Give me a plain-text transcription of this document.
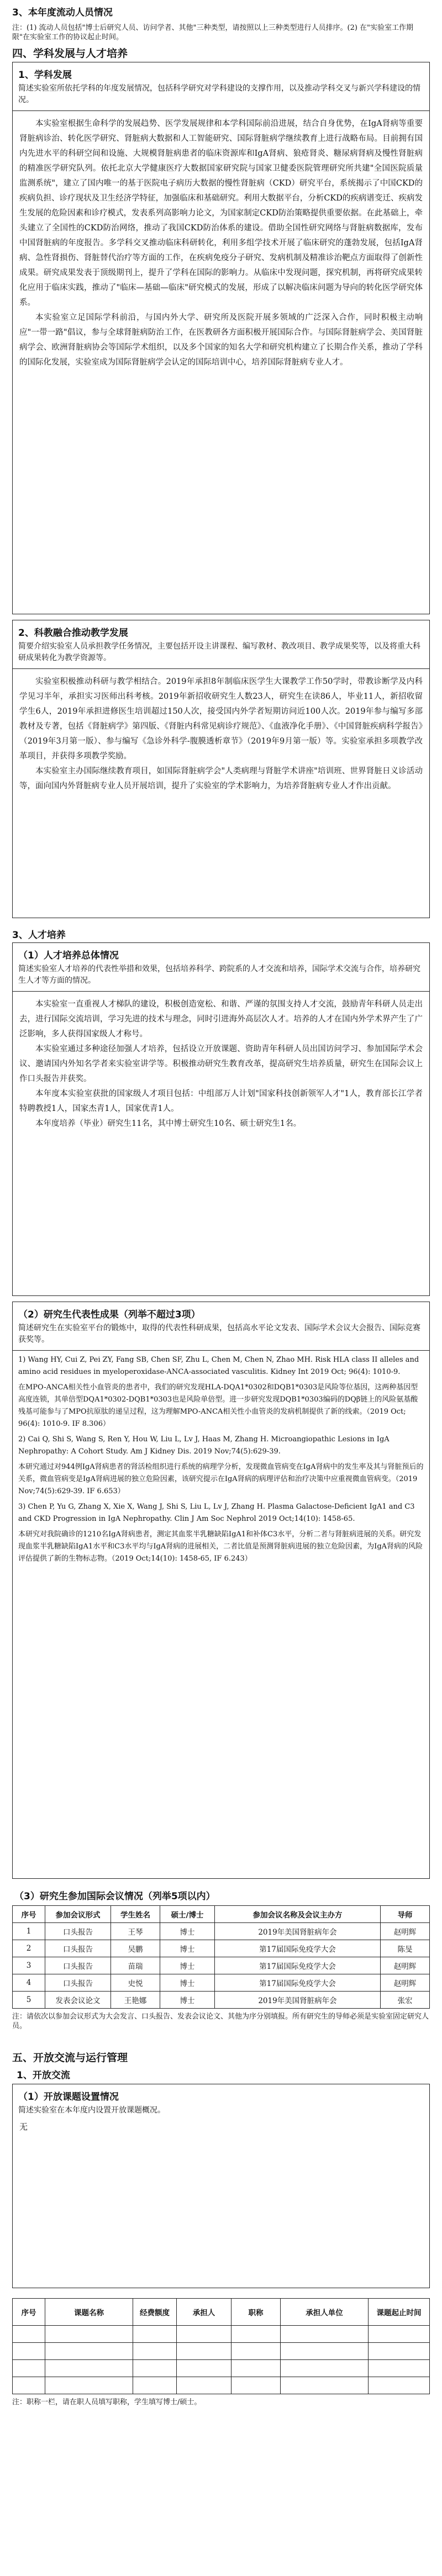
3、本年度流动人员情况
注：(1) 流动人员包括"博士后研究人员、访问学者、其他"三种类型，请按照以上三种类型进行人员排序。(2) 在"实验室工作期限"在实验室工作的协议起止时间。
四、学科发展与人才培养
1、学科发展
简述实验室所依托学科的年度发展情况，包括科学研究对学科建设的支撑作用，以及推动学科交叉与新兴学科建设的情况。

本实验室根据生命科学的发展趋势、医学发展规律和本学科国际前沿进展，结合自身优势，在IgA肾病等重要肾脏病诊治、转化医学研究、肾脏病大数据和人工智能研究、国际肾脏病学继续教育上进行战略布局。目前拥有国内先进水平的科研空间和设施、大规模肾脏病患者的临床资源库和IgA肾病、狼疮肾炎、糖尿病肾病及慢性肾脏病的精准医学研究队列。依托北京大学健康医疗大数据国家研究院与国家卫健委医院管理研究所共建"全国医院质量监测系统"，建立了国内唯一的基于医院电子病历大数据的慢性肾脏病（CKD）研究平台，系统揭示了中国CKD的疾病负担、诊疗现状及卫生经济学特征，加强临床和基础研究。利用大数据平台，分析CKD的疾病谱变迁、疾病发生发展的危险因素和诊疗模式，发表系列高影响力论文，为国家制定CKD防治策略提供重要依据。在此基础上，牵头建立了全国性的CKD防治网络，推动了我国CKD防治体系的建设。借助全国性研究网络与肾脏病数据库，发布中国肾脏病的年度报告。多学科交叉推动临床科研转化，利用多组学技术开展了临床研究的蓬勃发展，包括IgA肾病、急性肾损伤、肾脏替代治疗等方面的工作，在疾病免疫分子研究、发病机制及精准诊治靶点方面取得了创新性成果。研究成果发表于顶级期刊上，提升了学科在国际的影响力。从临床中发现问题，探究机制，再将研究成果转化应用于临床实践，推动了"临床—基础—临床"研究模式的发展，形成了以解决临床问题为导向的转化医学研究体系。

本实验室立足国际学科前沿，与国内外大学、研究所及医院开展多领域的广泛深入合作，同时积极主动响应"一带一路"倡议，参与全球肾脏病防治工作，在医教研各方面积极开展国际合作。与国际肾脏病学会、美国肾脏病学会、欧洲肾脏病协会等国际学术组织，以及多个国家的知名大学和研究机构建立了长期合作关系，推动了学科的国际化发展，实验室成为国际肾脏病学会认定的国际培训中心，培养国际肾脏病专业人才。

2、科教融合推动教学发展
简要介绍实验室人员承担教学任务情况，主要包括开设主讲课程、编写教材、教改项目、教学成果奖等，以及将重大科研成果转化为教学资源等。

实验室积极推动科研与教学相结合。2019年承担8年制临床医学生大课教学工作50学时，带教诊断学及内科学见习半年，承担实习医师出科考核。2019年新招收研究生人数23人，研究生在读86人，毕业11人，新招收留学生6人，2019年承担进修医生培训超过150人次，接受国内外学者短期访问近100人次。2019年参与编写多部教材及专著，包括《肾脏病学》第四版、《肾脏内科常见病诊疗规范》、《血液净化手册》、《中国肾脏疾病科学报告》（2019年3月第一版）、参与编写《急诊外科学-腹膜透析章节》（2019年9月第一版）等。实验室承担多项教学改革项目，并获得多项教学奖励。

本实验室主办国际继续教育项目，如国际肾脏病学会"人类病理与肾脏学术讲座"培训班、世界肾脏日义诊活动等，面向国内外肾脏病专业人员开展培训，提升了实验室的学术影响力，为培养肾脏病专业人才作出贡献。

3、人才培养
（1）人才培养总体情况
简述实验室人才培养的代表性举措和效果，包括培养科学、跨院系的人才交流和培养，国际学术交流与合作，培养研究生人才等方面的情况。

本实验室一直重视人才梯队的建设，积极创造宽松、和谐、严谨的氛围支持人才交流，鼓励青年科研人员走出去，进行国际交流培训，学习先进的技术与理念，同时引进海外高层次人才。培养的人才在国内外学术界产生了广泛影响，多人获得国家级人才称号。

本实验室通过多种途径加强人才培养，包括设立开放课题、资助青年科研人员出国访问学习、参加国际学术会议、邀请国内外知名学者来实验室讲学等。积极推动研究生教育改革，提高研究生培养质量，研究生在国际会议上作口头报告并获奖。

本年度本实验室获批的国家级人才项目包括：中组部万人计划"国家科技创新领军人才"1人，教育部长江学者特聘教授1人，国家杰青1人，国家优青1人。

本年度培养（毕业）研究生11名，其中博士研究生10名、硕士研究生1名。

（2）研究生代表性成果（列举不超过3项）
简述研究生在实验室平台的锻炼中，取得的代表性科研成果，包括高水平论文发表、国际学术会议大会报告、国际竞赛获奖等。

1) Wang HY, Cui Z, Pei ZY, Fang SB, Chen SF, Zhu L, Chen M, Chen N, Zhao MH. Risk HLA class II alleles and amino acid residues in myeloperoxidase-ANCA-associated vasculitis. Kidney Int 2019 Oct; 96(4): 1010-9.

在MPO-ANCA相关性小血管炎的患者中，我们的研究发现HLA-DQA1*0302和DQB1*0303是风险等位基因，这两种基因型高度连锁，其单倍型DQA1*0302-DQB1*0303也是风险单倍型。进一步研究发现DQB1*0303编码的DQβ链上的风险氨基酸残基可能参与了MPO抗原肽的递呈过程，这为理解MPO-ANCA相关性小血管炎的发病机制提供了新的线索。（2019 Oct; 96(4): 1010-9. IF 8.306）

2) Cai Q, Shi S, Wang S, Ren Y, Hou W, Liu L, Lv J, Haas M, Zhang H. Microangiopathic Lesions in IgA Nephropathy: A Cohort Study. Am J Kidney Dis. 2019 Nov;74(5):629-39.

本研究通过对944例IgA肾病患者的肾活检组织进行系统的病理学分析，发现微血管病变在IgA肾病中的发生率及其与肾脏预后的关系，微血管病变是IgA肾病进展的独立危险因素，该研究提示在IgA肾病的病理评估和治疗决策中应重视微血管病变。（2019 Nov;74(5):629-39. IF 6.653）

3) Chen P, Yu G, Zhang X, Xie X, Wang J, Shi S, Liu L, Lv J, Zhang H. Plasma Galactose-Deficient IgA1 and C3 and CKD Progression in IgA Nephropathy. Clin J Am Soc Nephrol 2019 Oct;14(10): 1458-65.

本研究对我院确诊的1210名IgA肾病患者，测定其血浆半乳糖缺陷IgA1和补体C3水平，分析二者与肾脏病进展的关系。研究发现血浆半乳糖缺陷IgA1水平和C3水平均与IgA肾病的进展相关，二者比值是预测肾脏病进展的独立危险因素，为IgA肾病的风险评估提供了新的生物标志物。（2019 Oct;14(10): 1458-65, IF 6.243）

（3）研究生参加国际会议情况（列举5项以内）
序号	参加会议形式	学生姓名	硕士/博士	参加会议名称及会议主办方	导师
1	口头报告	王琴	博士	2019年美国肾脏病年会	赵明辉
2	口头报告	吴鹏	博士	第17届国际免疫学大会	陈旻
3	口头报告	苗瑞	博士	第17届国际免疫学大会	赵明辉
4	口头报告	史悦	博士	第17届国际免疫学大会	赵明辉
5	发表会议论文	王艳娜	博士	2019年美国肾脏病年会	张宏
注：请依次以参加会议形式为大会发言、口头报告、发表会议论文、其他为序分别填报。所有研究生的导师必须是实验室固定研究人员。
五、开放交流与运行管理
1、开放交流
（1）开放课题设置情况
简述实验室在本年度内设置开放课题概况。
无
序号	课题名称	经费额度	承担人	职称	承担人单位	课题起止时间

注：职称一栏，请在职人员填写职称，学生填写博士/硕士。
